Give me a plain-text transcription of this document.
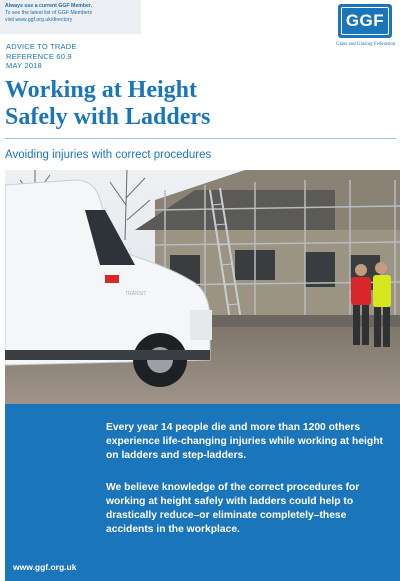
Always use a current GGF Member.
To see the latest list of GGF Members
visit www.ggf.org.uk/directory	GGF
Glass and Glazing Federation
ADVICE TO TRADE
REFERENCE 60.9
MAY 2018
Working at Height
Safely with Ladders
Avoiding injuries with correct procedures
TRANSIT

Every year 14 people die and more than 1200 others experience life-changing injuries while working at height on ladders and step-ladders.

We believe knowledge of the correct procedures for working at height safely with ladders could help to drastically reduce–or eliminate completely–these accidents in the workplace.

www.ggf.org.uk
